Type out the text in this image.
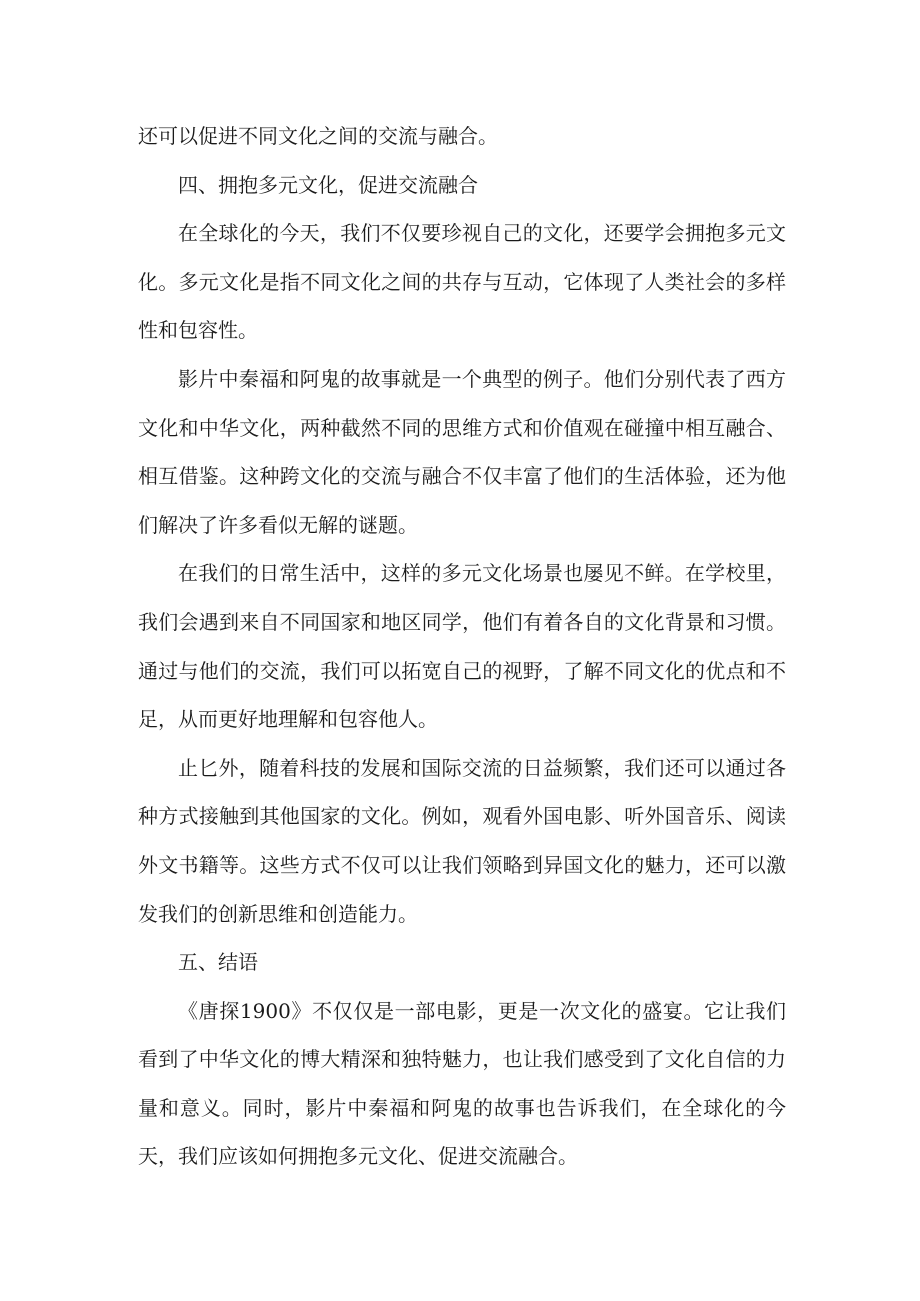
还可以促进不同文化之间的交流与融合。

四、拥抱多元文化，促进交流融合

在全球化的今天，我们不仅要珍视自己的文化，还要学会拥抱多元文化。多元文化是指不同文化之间的共存与互动，它体现了人类社会的多样性和包容性。

影片中秦福和阿鬼的故事就是一个典型的例子。他们分别代表了西方文化和中华文化，两种截然不同的思维方式和价值观在碰撞中相互融合、相互借鉴。这种跨文化的交流与融合不仅丰富了他们的生活体验，还为他们解决了许多看似无解的谜题。

在我们的日常生活中，这样的多元文化场景也屡见不鲜。在学校里，我们会遇到来自不同国家和地区同学，他们有着各自的文化背景和习惯。通过与他们的交流，我们可以拓宽自己的视野，了解不同文化的优点和不足，从而更好地理解和包容他人。

止匕外，随着科技的发展和国际交流的日益频繁，我们还可以通过各种方式接触到其他国家的文化。例如，观看外国电影、听外国音乐、阅读外文书籍等。这些方式不仅可以让我们领略到异国文化的魅力，还可以激发我们的创新思维和创造能力。

五、结语

《唐探1900》不仅仅是一部电影，更是一次文化的盛宴。它让我们看到了中华文化的博大精深和独特魅力，也让我们感受到了文化自信的力量和意义。同时，影片中秦福和阿鬼的故事也告诉我们，在全球化的今天，我们应该如何拥抱多元文化、促进交流融合。
